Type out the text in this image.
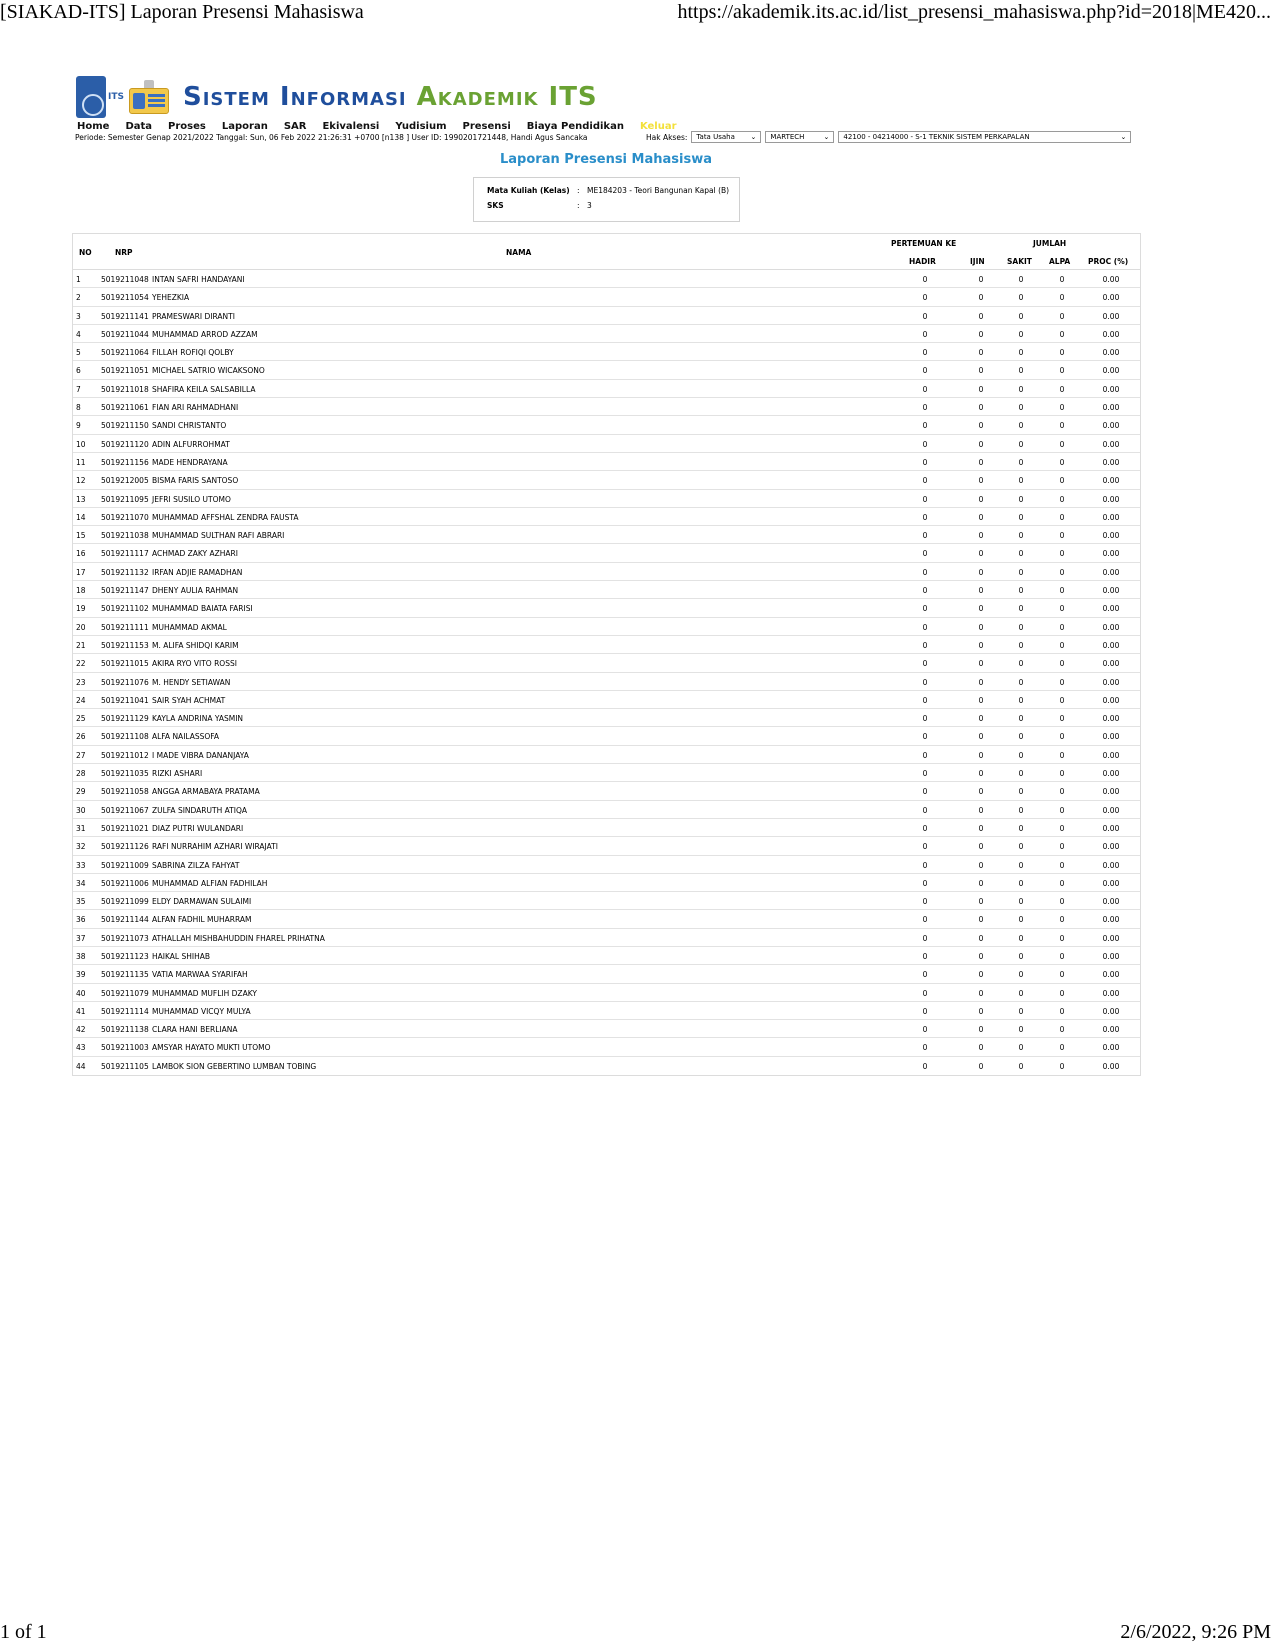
[SIAKAD-ITS] Laporan Presensi Mahasiswa	https://akademik.its.ac.id/list_presensi_mahasiswa.php?id=2018|ME420...
ITS Sistem Informasi Akademik ITS
Home Data Proses Laporan SAR Ekivalensi Yudisium Presensi Biaya Pendidikan Keluar
Periode: Semester Genap 2021/2022 Tanggal: Sun, 06 Feb 2022 21:26:31 +0700 [n138 ] User ID: 1990201721448, Handi Agus Sancaka	Hak Akses: Tata Usaha ⌄ MARTECH	⌄ 42100 - 04214000 - S-1 TEKNIK SISTEM PERKAPALAN	⌄
Laporan Presensi Mahasiswa
Mata Kuliah (Kelas) : ME184203 - Teori Bangunan Kapal (B)
SKS	: 3
PERTEMUAN KE	JUMLAH
NO	NRP	NAMA
HADIR	IJIN	SAKIT ALPA PROC (%)
1	5019211048 INTAN SAFRI HANDAYANI	0	0	0	0	0.00
2	5019211054 YEHEZKIA	0	0	0	0	0.00
3	5019211141 PRAMESWARI DIRANTI	0	0	0	0	0.00
4	5019211044 MUHAMMAD ARROD AZZAM	0	0	0	0	0.00
5	5019211064 FILLAH ROFIQI QOLBY	0	0	0	0	0.00
6	5019211051 MICHAEL SATRIO WICAKSONO	0	0	0	0	0.00
7	5019211018 SHAFIRA KEILA SALSABILLA	0	0	0	0	0.00
8	5019211061 FIAN ARI RAHMADHANI	0	0	0	0	0.00
9	5019211150 SANDI CHRISTANTO	0	0	0	0	0.00
10 5019211120 ADIN ALFURROHMAT	0	0	0	0	0.00
11 5019211156 MADE HENDRAYANA	0	0	0	0	0.00
12 5019212005 BISMA FARIS SANTOSO	0	0	0	0	0.00
13 5019211095 JEFRI SUSILO UTOMO	0	0	0	0	0.00
14 5019211070 MUHAMMAD AFFSHAL ZENDRA FAUSTA	0	0	0	0	0.00
15 5019211038 MUHAMMAD SULTHAN RAFI ABRARI	0	0	0	0	0.00
16 5019211117 ACHMAD ZAKY AZHARI	0	0	0	0	0.00
17 5019211132 IRFAN ADJIE RAMADHAN	0	0	0	0	0.00
18 5019211147 DHENY AULIA RAHMAN	0	0	0	0	0.00
19 5019211102 MUHAMMAD BAIATA FARISI	0	0	0	0	0.00
20 5019211111 MUHAMMAD AKMAL	0	0	0	0	0.00
21 5019211153 M. ALIFA SHIDQI KARIM	0	0	0	0	0.00
22 5019211015 AKIRA RYO VITO ROSSI	0	0	0	0	0.00
23 5019211076 M. HENDY SETIAWAN	0	0	0	0	0.00
24 5019211041 SAIR SYAH ACHMAT	0	0	0	0	0.00
25 5019211129 KAYLA ANDRINA YASMIN	0	0	0	0	0.00
26 5019211108 ALFA NAILASSOFA	0	0	0	0	0.00
27 5019211012 I MADE VIBRA DANANJAYA	0	0	0	0	0.00
28 5019211035 RIZKI ASHARI	0	0	0	0	0.00
29 5019211058 ANGGA ARMABAYA PRATAMA	0	0	0	0	0.00
30 5019211067 ZULFA SINDARUTH ATIQA	0	0	0	0	0.00
31 5019211021 DIAZ PUTRI WULANDARI	0	0	0	0	0.00
32 5019211126 RAFI NURRAHIM AZHARI WIRAJATI	0	0	0	0	0.00
33 5019211009 SABRINA ZILZA FAHYAT	0	0	0	0	0.00
34 5019211006 MUHAMMAD ALFIAN FADHILAH	0	0	0	0	0.00
35 5019211099 ELDY DARMAWAN SULAIMI	0	0	0	0	0.00
36 5019211144 ALFAN FADHIL MUHARRAM	0	0	0	0	0.00
37 5019211073 ATHALLAH MISHBAHUDDIN FHAREL PRIHATNA	0	0	0	0	0.00
38 5019211123 HAIKAL SHIHAB	0	0	0	0	0.00
39 5019211135 VATIA MARWAA SYARIFAH	0	0	0	0	0.00
40 5019211079 MUHAMMAD MUFLIH DZAKY	0	0	0	0	0.00
41 5019211114 MUHAMMAD VICQY MULYA	0	0	0	0	0.00
42 5019211138 CLARA HANI BERLIANA	0	0	0	0	0.00
43 5019211003 AMSYAR HAYATO MUKTI UTOMO	0	0	0	0	0.00
44 5019211105 LAMBOK SION GEBERTINO LUMBAN TOBING	0	0	0	0	0.00
1 of 1	2/6/2022, 9:26 PM
